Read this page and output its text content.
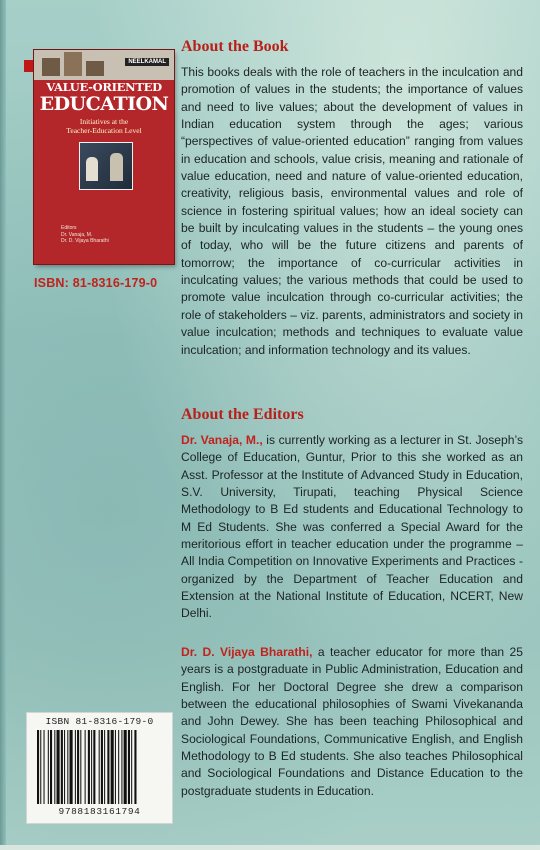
NEELKAMAL
VALUE-ORIENTED
EDUCATION
Initiatives at the
Teacher-Education Level
Editors
Dr. Vanaja, M.
Dr. D. Vijaya Bharathi
ISBN: 81-8316-179-0
About the Book

This books deals with the role of teachers in the inculcation and promotion of values in the students; the importance of values and need to live values; about the development of values in Indian education system through the ages; various “perspectives of value-oriented education” ranging from values in education and schools, value crisis, meaning and rationale of value education, need and nature of value-oriented education, creativity, religious basis, environmental values and role of science in fostering spiritual values; how an ideal society can be built by inculcating values in the students – the young ones of today, who will be the future citizens and parents of tomorrow; the importance of co-curricular activities in inculcating values; the various methods that could be used to promote value inculcation through co-curricular activities; the role of stakeholders – viz. parents, administrators and society in value inculcation; methods and techniques to evaluate value inculcation; and information technology and its values.

About the Editors

Dr. Vanaja, M., is currently working as a lecturer in St. Joseph’s College of Education, Guntur, Prior to this she worked as an Asst. Professor at the Institute of Advanced Study in Education, S.V. University, Tirupati, teaching Physical Science Methodology to B Ed students and Educational Technology to M Ed Students. She was conferred a Special Award for the meritorious effort in teacher education under the programme –All India Competition on Innovative Experiments and Practices - organized by the Department of Teacher Education and Extension at the National Institute of Education, NCERT, New Delhi.

Dr. D. Vijaya Bharathi, a teacher educator for more than 25 years is a postgraduate in Public Administration, Education and English. For her Doctoral Degree she drew a comparison between the educational philosophies of Swami Vivekananda and John Dewey. She has been teaching Philosophical and Sociological Foundations, Communicative English, and English Methodology to B Ed students. She also teaches Philosophical and Sociological Foundations and Distance Education to the postgraduate students in Education.

ISBN 81-8316-179-0
9788183161794
